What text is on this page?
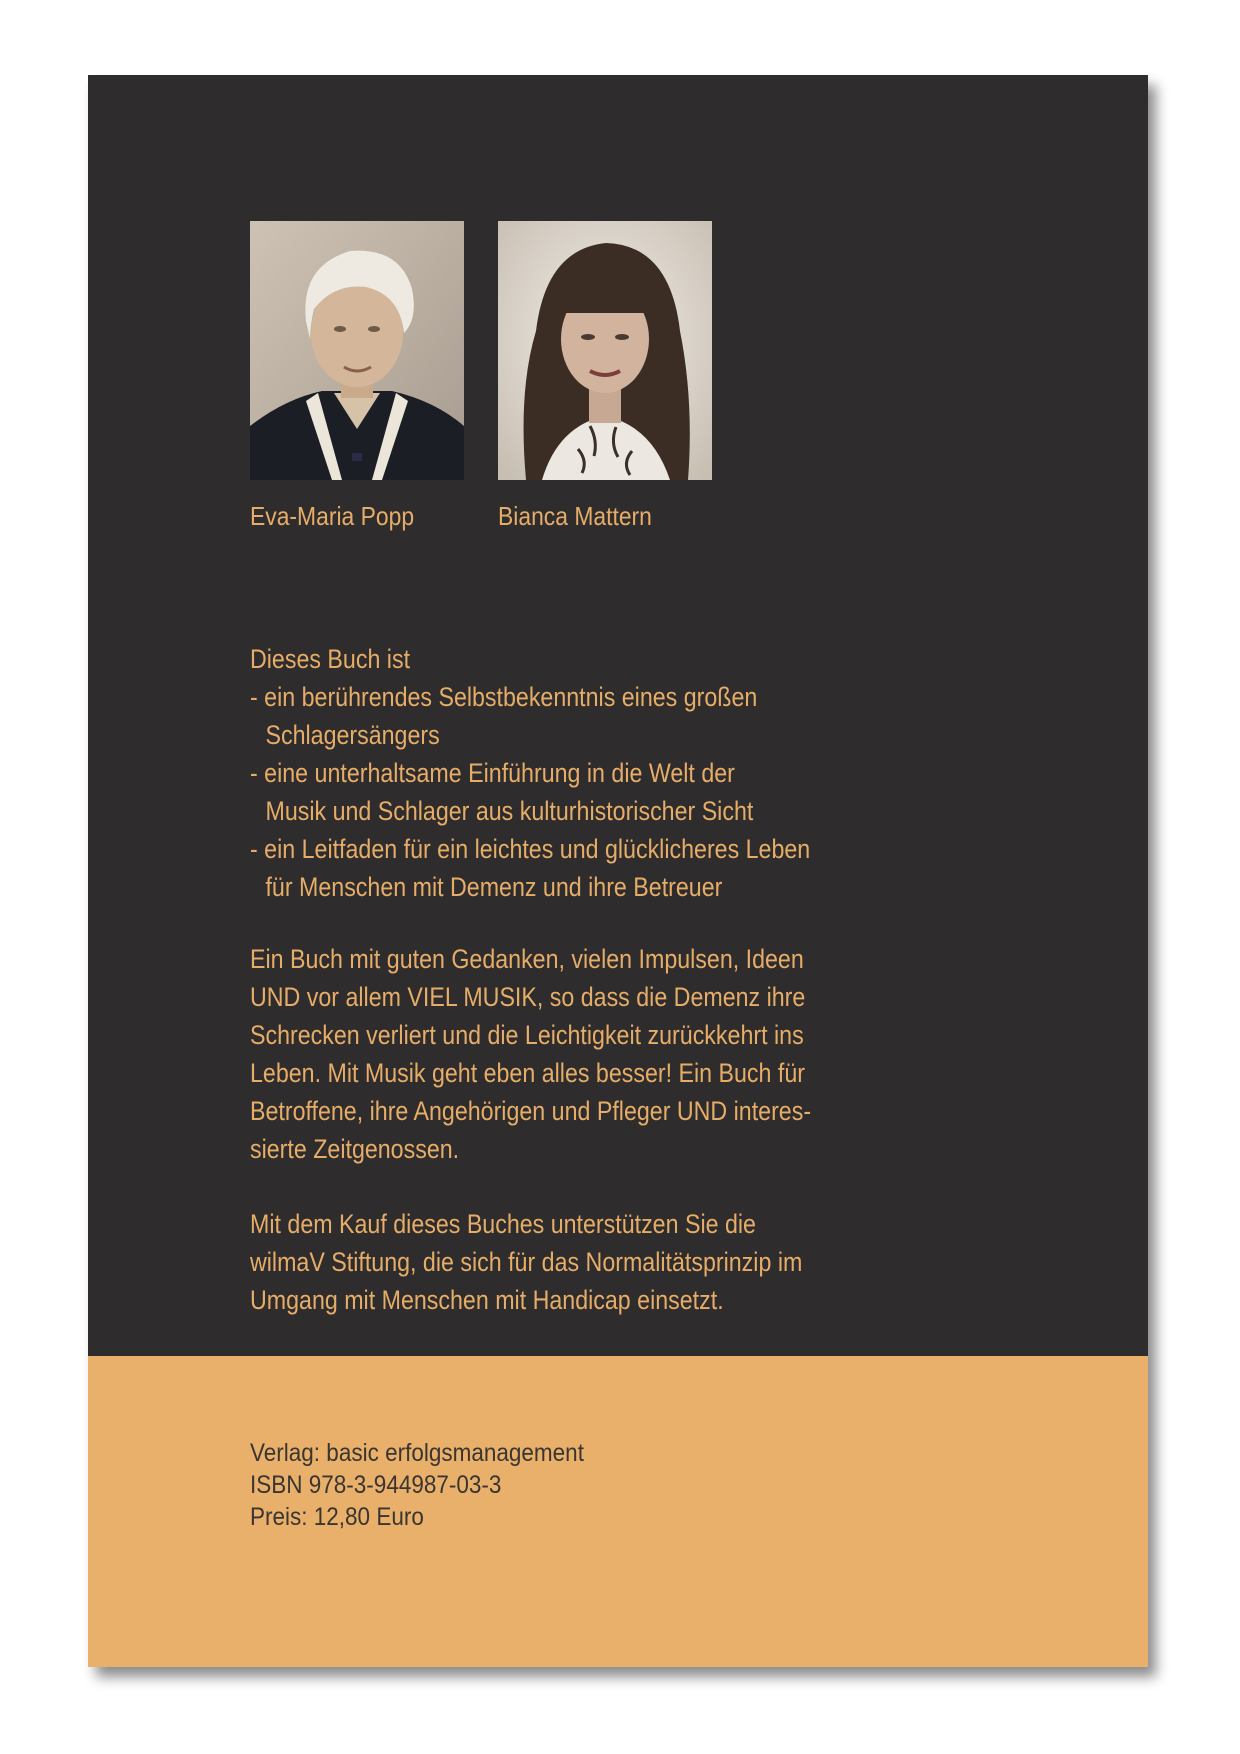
Eva-Maria Popp	Bianca Mattern
Dieses Buch ist
- ein berührendes Selbstbekenntnis eines großen
Schlagersängers
- eine unterhaltsame Einführung in die Welt der
Musik und Schlager aus kulturhistorischer Sicht
- ein Leitfaden für ein leichtes und glücklicheres Leben
für Menschen mit Demenz und ihre Betreuer
Ein Buch mit guten Gedanken, vielen Impulsen, Ideen
UND vor allem VIEL MUSIK, so dass die Demenz ihre
Schrecken verliert und die Leichtigkeit zurückkehrt ins
Leben. Mit Musik geht eben alles besser! Ein Buch für
Betroffene, ihre Angehörigen und Pfleger UND interes-
sierte Zeitgenossen.
Mit dem Kauf dieses Buches unterstützen Sie die
wilmaV Stiftung, die sich für das Normalitätsprinzip im
Umgang mit Menschen mit Handicap einsetzt.
Verlag: basic erfolgsmanagement
ISBN 978-3-944987-03-3
Preis: 12,80 Euro
